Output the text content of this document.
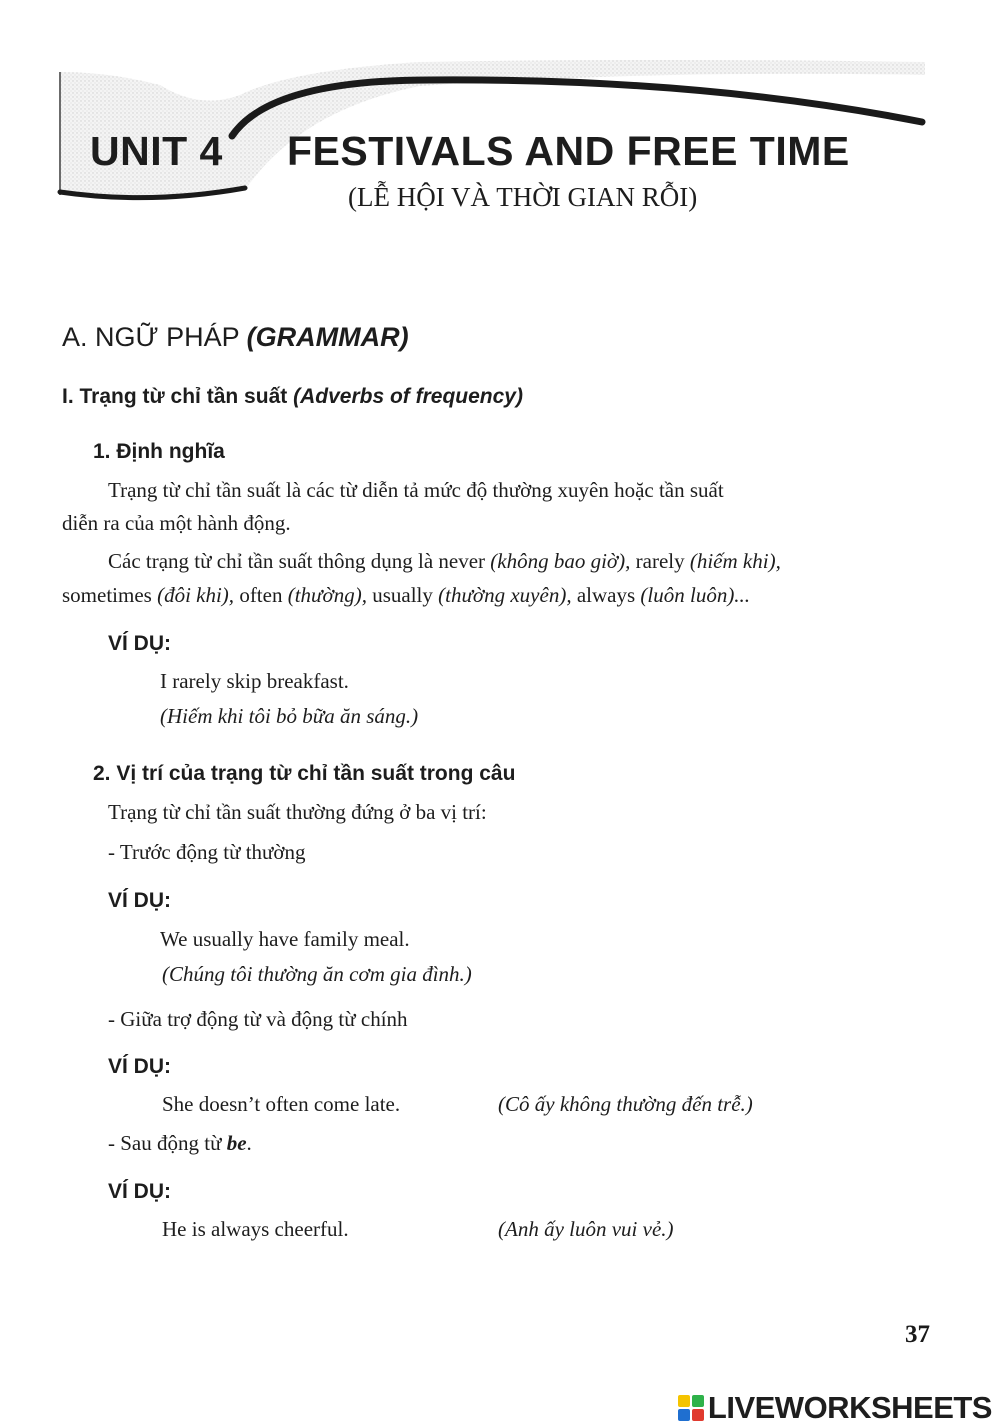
UNIT 4 FESTIVALS AND FREE TIME
(LỄ HỘI VÀ THỜI GIAN RỖI)
A. NGỮ PHÁP (GRAMMAR)
I. Trạng từ chỉ tần suất (Adverbs of frequency)
1. Định nghĩa
Trạng từ chỉ tần suất là các từ diễn tả mức độ thường xuyên hoặc tần suất
diễn ra của một hành động.
Các trạng từ chỉ tần suất thông dụng là never (không bao giờ), rarely (hiếm khi),
sometimes (đôi khi), often (thường), usually (thường xuyên), always (luôn luôn)...
VÍ DỤ:
I rarely skip breakfast.
(Hiếm khi tôi bỏ bữa ăn sáng.)
2. Vị trí của trạng từ chỉ tần suất trong câu
Trạng từ chỉ tần suất thường đứng ở ba vị trí:
- Trước động từ thường
VÍ DỤ:
We usually have family meal.
(Chúng tôi thường ăn cơm gia đình.)
- Giữa trợ động từ và động từ chính
VÍ DỤ:
She doesn’t often come late.	(Cô ấy không thường đến trễ.)
- Sau động từ be.
VÍ DỤ:
He is always cheerful.	(Anh ấy luôn vui vẻ.)
37
LIVEWORKSHEETS
